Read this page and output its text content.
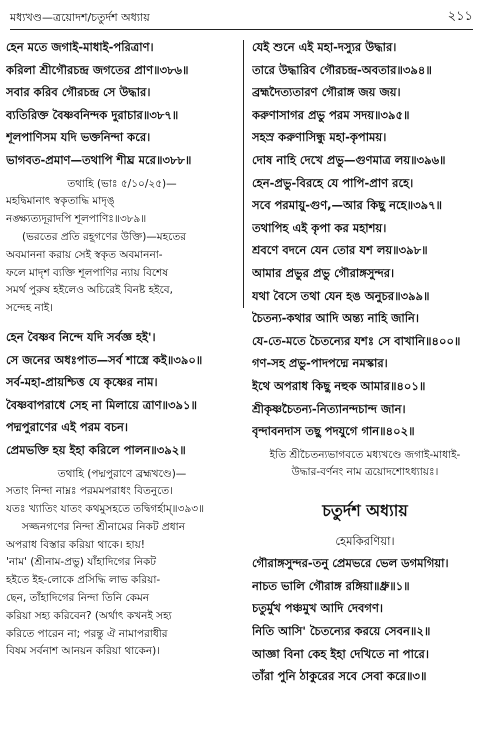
মধ্যখণ্ড—ত্রয়োদশ/চতুর্দশ অধ্যায়	২১১
হেন মতে জগাই-মাধাই-পরিত্রাণ।
করিলা শ্রীগৌরচন্দ্র জগতের প্রাণ॥৩৮৬॥
সবার করিব গৌরচন্দ্র সে উদ্ধার।
ব্যতিরিক্ত বৈষ্ণবনিন্দক দুরাচার॥৩৮৭॥
শূলপাণিসম যদি ভক্তনিন্দা করে।
ভাগবত-প্রমাণ—তথাপি শীঘ্র মরে॥৩৮৮॥
তথাহি (ভাঃ ৫/১০/২৫)—
মহদ্বিমানাৎ স্বকৃতাদ্ধি মাদৃঙ্
নঙ্ক্ষ্যত্যদূরাদপি শূলপাণিঃ॥৩৮৯॥
(ভরতের প্রতি রহূগণের উক্তি)—মহতের
অবমাননা করায় সেই স্বকৃত অবমাননা-
ফলে মাদৃশ ব্যক্তি শূলপাণির ন্যায় বিশেষ
সমর্থ পুরুষ হইলেও অচিরেই বিনষ্ট হইবে,
সন্দেহ নাই।
হেন বৈষ্ণব নিন্দে যদি সর্বজ্ঞ হই'।
সে জনের অধঃপাত—সর্ব শাস্ত্রে কই॥৩৯০॥
সর্ব-মহা-প্রায়শ্চিত্ত যে কৃষ্ণের নাম।
বৈষ্ণবাপরাধে সেহ না মিলায়ে ত্রাণ॥৩৯১॥
পদ্মপুরাণের এই পরম বচন।
প্রেমভক্তি হয় ইহা করিলে পালন॥৩৯২॥
তথাহি (পদ্মপুরাণে ব্রহ্মখণ্ডে)—
সতাং নিন্দা নাম্নঃ পরমমপরাধং বিতনুতে।
যতঃ খ্যাতিং যাতং কথমুসহতে তদ্বিগর্হাম্॥৩৯৩॥
সজ্জনগণের নিন্দা শ্রীনামের নিকট প্রধান
অপরাধ বিস্তার করিয়া থাকে। হায়!
'নাম' (শ্রীনাম-প্রভু) যাঁহাদিগের নিকট
হইতে ইহ-লোকে প্রসিদ্ধি লাভ করিয়া-
ছেন, তাঁহাদিগের নিন্দা তিনি কেমন
করিয়া সহ্য করিবেন? (অর্থাৎ কখনই সহ্য
করিতে পারেন না; পরন্তু ঐ নামাপরাধীর
বিষম সর্বনাশ আনয়ন করিয়া থাকেন)।
যেই শুনে এই মহা-দস্যুর উদ্ধার।
তারে উদ্ধারিব গৌরচন্দ্র-অবতার॥৩৯৪॥
ব্রহ্মদৈত্যতারণ গৌরাঙ্গ জয় জয়।
করুণাসাগর প্রভু পরম সদয়॥৩৯৫॥
সহস্র করুণাসিন্ধু মহা-কৃপাময়।
দোষ নাহি দেখে প্রভু—গুণমাত্র লয়॥৩৯৬॥
হেন-প্রভু-বিরহে যে পাপি-প্রাণ রহে।
সবে পরমায়ু-গুণ,—আর কিছু নহে॥৩৯৭॥
তথাপিহ এই কৃপা কর মহাশয়।
শ্রবণে বদনে যেন তোর যশ লয়॥৩৯৮॥
আমার প্রভুর প্রভু গৌরাঙ্গসুন্দর।
যথা বৈসে তথা যেন হঙ অনুচর॥৩৯৯॥
চৈতন্য-কথার আদি অন্ত্য নাহি জানি।
যে-তে-মতে চৈতন্যের যশঃ সে বাখানি॥৪০০॥
গণ-সহ প্রভু-পাদপদ্মে নমস্কার।
ইথে অপরাধ কিছু নহুক আমার॥৪০১॥
শ্রীকৃষ্ণচৈতন্য-নিত্যানন্দচান্দ জান।
বৃন্দাবনদাস তছু পদযুগে গান॥৪০২॥
ইতি শ্রীচৈতন্যভাগবতে মধ্যখণ্ডে জগাই-মাধাই-
উদ্ধার-বর্ণনং নাম ত্রয়োদশোঽধ্যায়ঃ।
চতুর্দশ অধ্যায়
হেমকিরণিয়া।
গৌরাঙ্গসুন্দর-তনু প্রেমভরে ভেল ডগমগিয়া।
নাচত ভালি গৌরাঙ্গ রঙ্গিয়া॥ধ্রু॥১॥
চতুর্মুখ পঞ্চমুখ আদি দেবগণ।
নিতি আসি' চৈতন্যের করয়ে সেবন॥২॥
আজ্ঞা বিনা কেহ ইহা দেখিতে না পারে।
তাঁরা পুনি ঠাকুরের সবে সেবা করে॥৩॥
